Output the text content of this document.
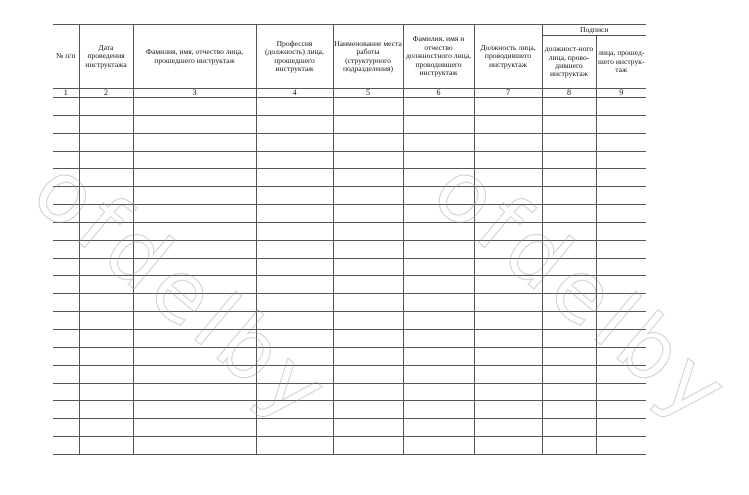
№ п/п	Дата проведения инструктажа	Фамилия, имя, отчество лица, прошедшего инструктаж	Профессия (должность) лица, прошедшего инструктаж	Наименование места работы (структурного подразделения)	Фамилия, имя и отчество должностного лица, проводившего инструктаж	Должность лица, проводившего инструктаж	Подписи	
							должност-ного лица, прово-дившего инструктаж	лица, прошед-шего инструк-таж
1	2	3	4	5	6	7	8	9

ofdelby ofdelby
